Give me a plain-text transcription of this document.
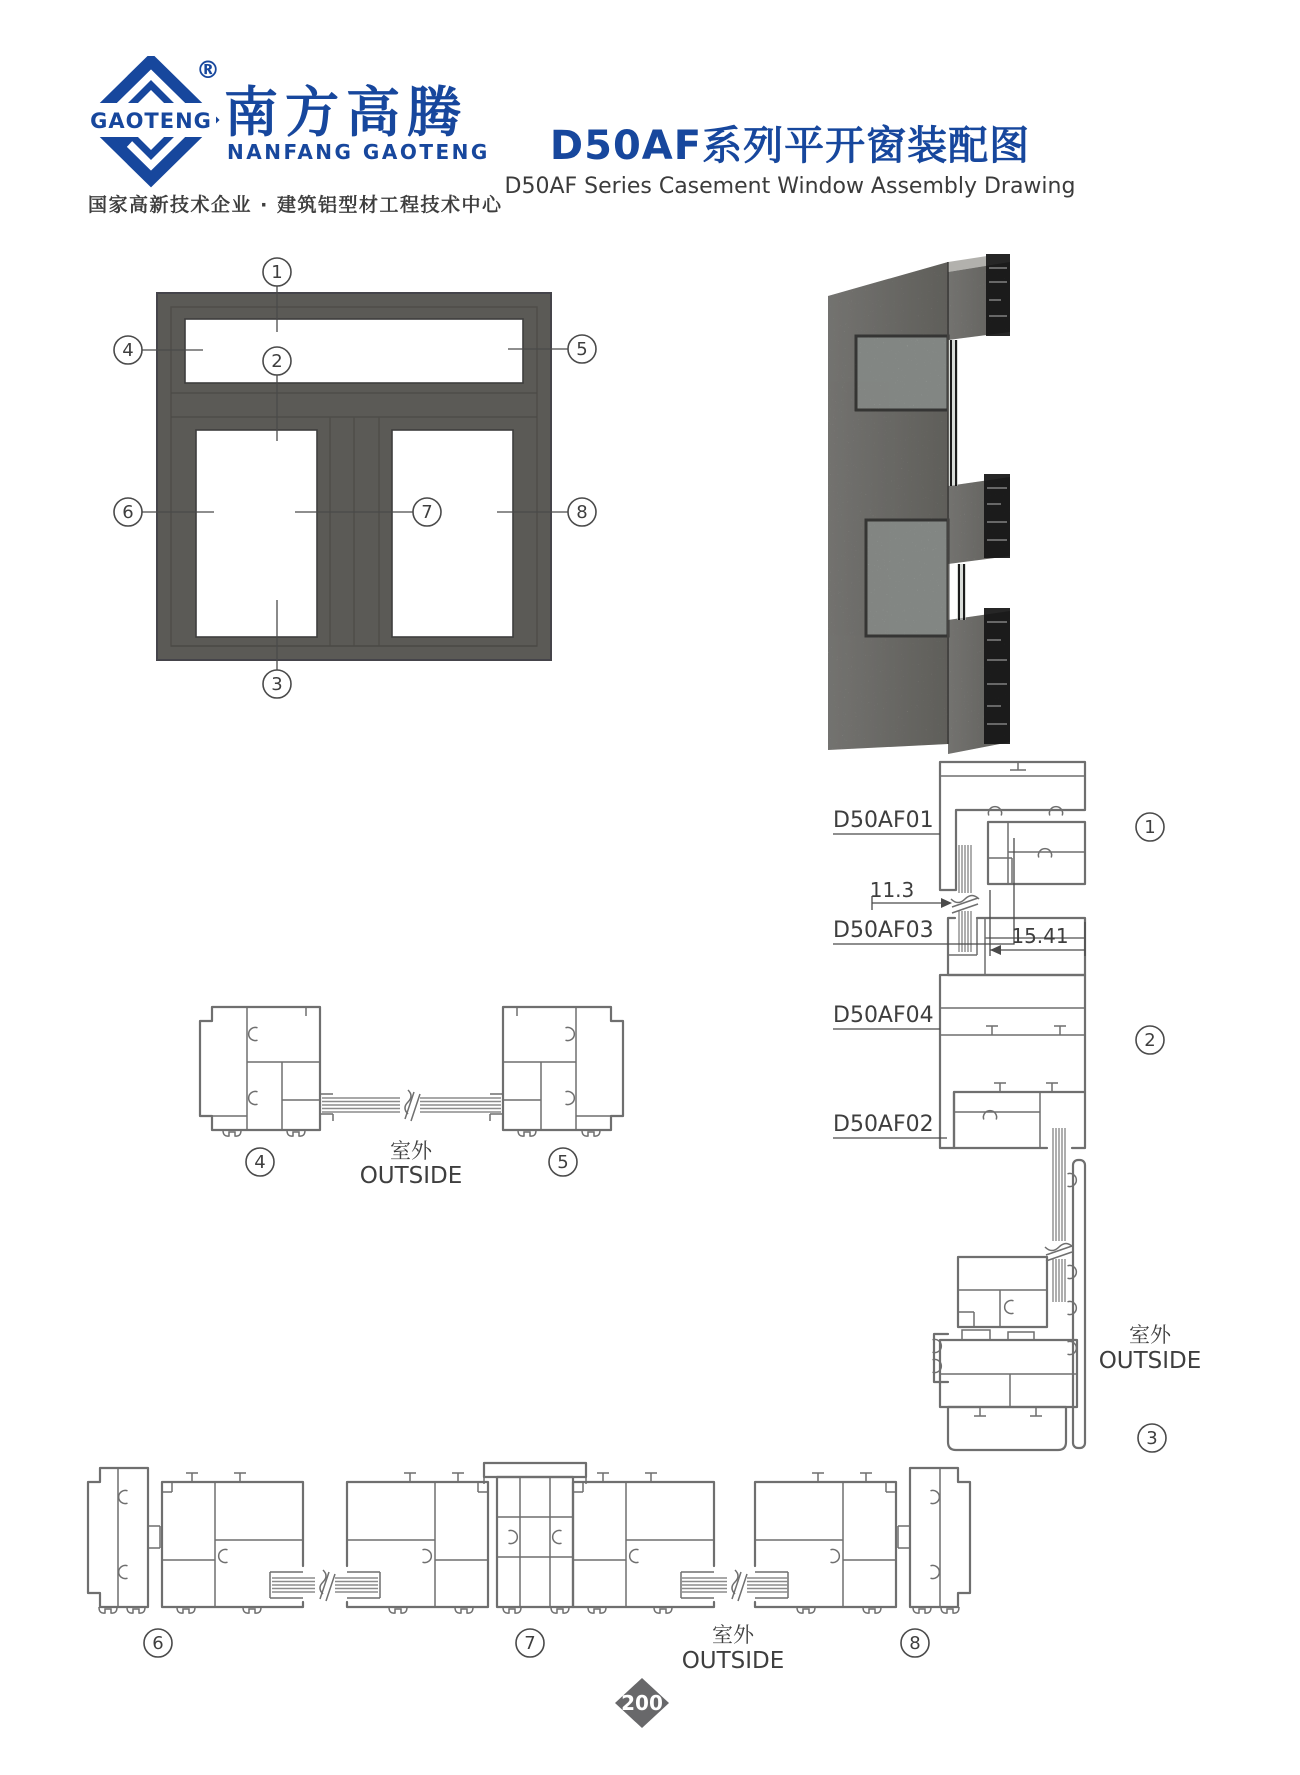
GAOTENG
®
南方高腾
NANFANG GAOTENG
国家高新技术企业 · 建筑铝型材工程技术中心
D50AF系列平开窗装配图
D50AF Series Casement Window Assembly Drawing
1
2
3
4	5
6	7	8
D50AF01
11.3
D50AF03	15.41
D50AF04
D50AF02
1
2
室外
OUTSIDE
3
4	室外
OUTSIDE
5
6	7	室外
OUTSIDE
8
200
